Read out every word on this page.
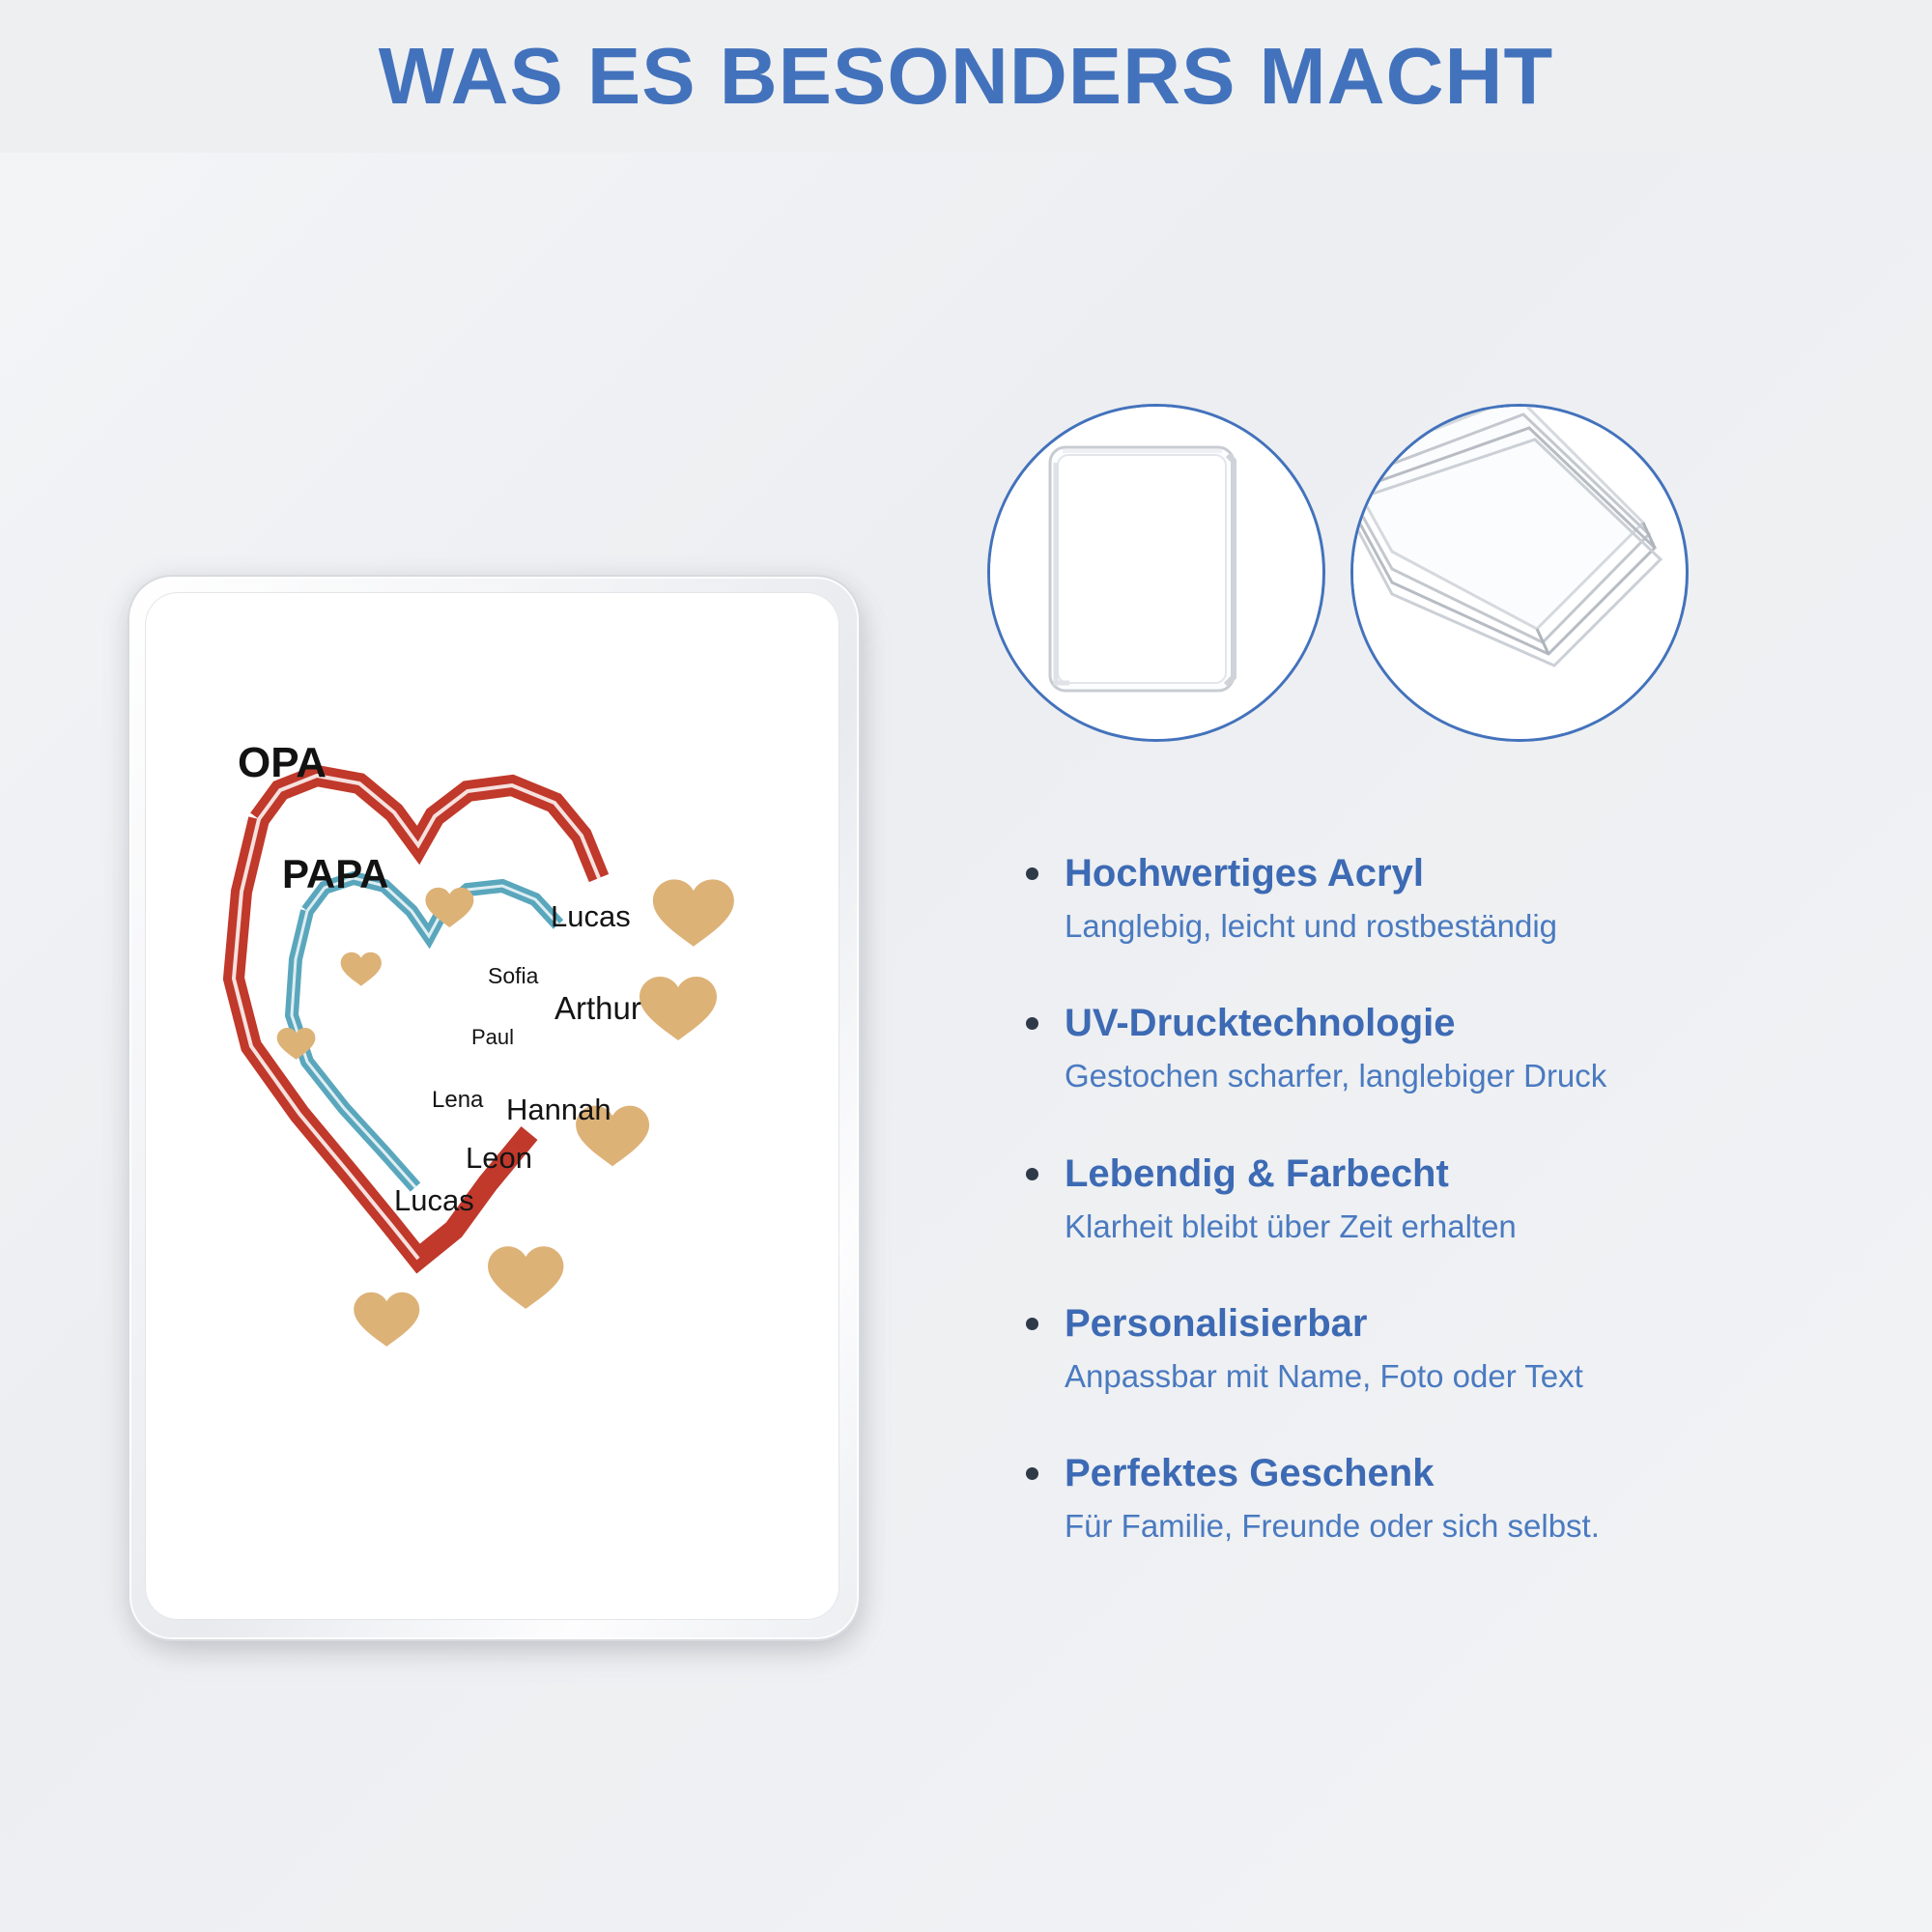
WAS ES BESONDERS MACHT
OPA
PAPA
Lucas
Sofia
Arthur
Paul
Lena Hannah
Leon
Lucas

Hochwertiges Acryl

Langlebig, leicht und rostbeständig

UV-Drucktechnologie

Gestochen scharfer, langlebiger Druck

Lebendig & Farbecht

Klarheit bleibt über Zeit erhalten

Personalisierbar

Anpassbar mit Name, Foto oder Text

Perfektes Geschenk

Für Familie, Freunde oder sich selbst.
